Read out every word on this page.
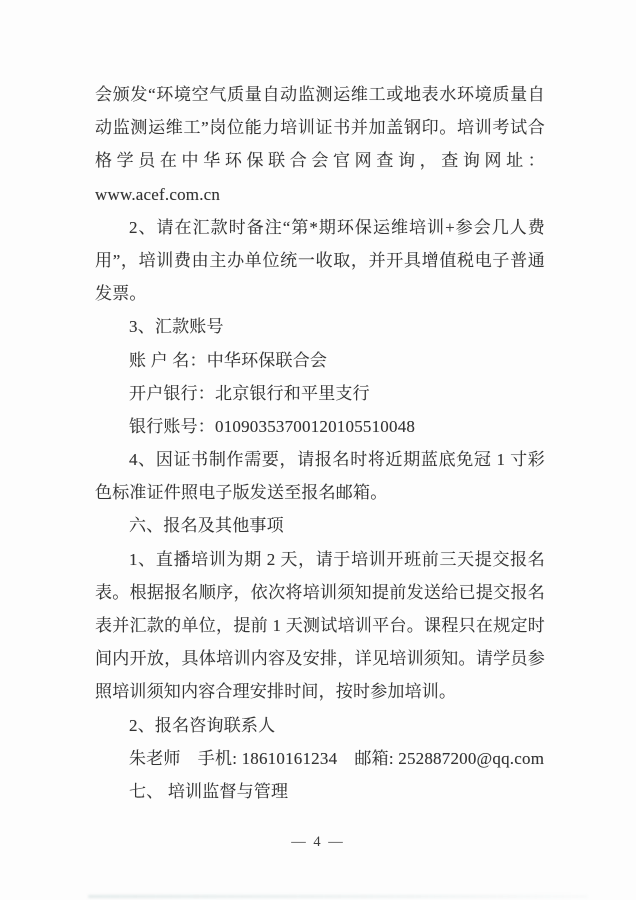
会颁发“环境空气质量自动监测运维工或地表水环境质量自
动监测运维工”岗位能力培训证书并加盖钢印。培训考试合
格学员在中华环保联合会官网查询，查询网址：
www.acef.com.cn
2、请在汇款时备注“第*期环保运维培训+参会几人费
用”，培训费由主办单位统一收取，并开具增值税电子普通
发票。
3、汇款账号
账 户 名：中华环保联合会
开户银行：北京银行和平里支行
银行账号：01090353700120105510048
4、因证书制作需要，请报名时将近期蓝底免冠 1 寸彩
色标准证件照电子版发送至报名邮箱。
六、报名及其他事项
1、直播培训为期 2 天，请于培训开班前三天提交报名
表。根据报名顺序，依次将培训须知提前发送给已提交报名
表并汇款的单位，提前 1 天测试培训平台。课程只在规定时
间内开放，具体培训内容及安排，详见培训须知。请学员参
照培训须知内容合理安排时间，按时参加培训。
2、报名咨询联系人
朱老师　手机: 18610161234　邮箱: 252887200@qq.com
七、 培训监督与管理
— 4 —
